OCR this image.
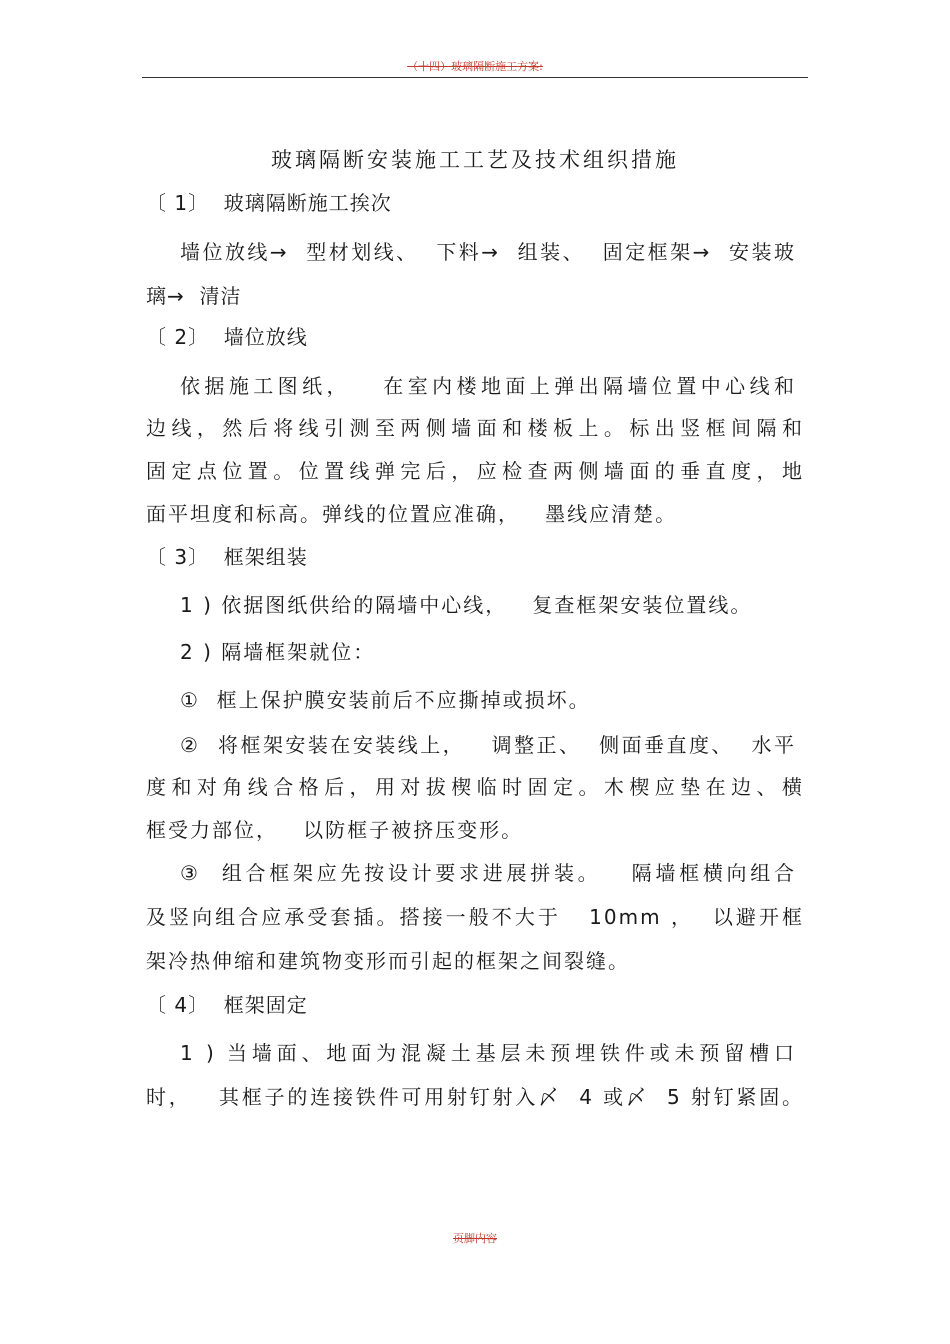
（十四）玻璃隔断施工方案:
玻璃隔断安装施工工艺及技术组织措施
〔 1〕  玻璃隔断施工挨次
墙位放线→  型材划线、  下料→  组装、  固定框架→  安装玻
璃→  清洁
〔 2〕  墙位放线
依据施工图纸，   在室内楼地面上弹出隔墙位置中心线和
边线，然后将线引测至两侧墙面和楼板上。标出竖框间隔和
固定点位置。位置线弹完后，应检查两侧墙面的垂直度，地
面平坦度和标高。弹线的位置应准确，   墨线应清楚。
〔 3〕  框架组装
1 ) 依据图纸供给的隔墙中心线，   复查框架安装位置线。
2 ) 隔墙框架就位：
①  框上保护膜安装前后不应撕掉或损坏。
②  将框架安装在安装线上，   调整正、  侧面垂直度、  水平
度和对角线合格后，用对拔楔临时固定。木楔应垫在边、横
框受力部位，   以防框子被挤压变形。
③  组合框架应先按设计要求进展拼装。   隔墙框横向组合
及竖向组合应承受套插。搭接一般不大于   10mm ，  以避开框
架冷热伸缩和建筑物变形而引起的框架之间裂缝。
〔 4〕  框架固定
1 ) 当墙面、地面为混凝土基层未预埋铁件或未预留槽口
时，   其框子的连接铁件可用射钉射入〆  4 或〆  5 射钉紧固。
页脚内容
